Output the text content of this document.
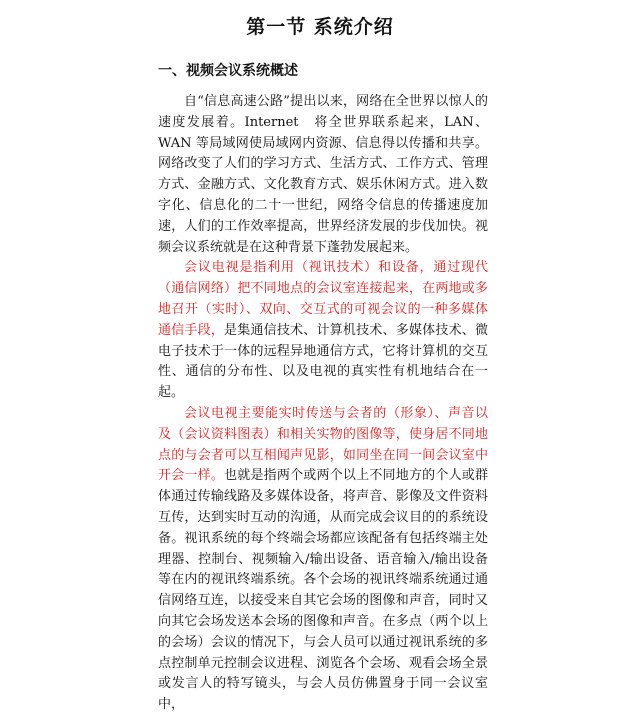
第一节 系统介绍
一、视频会议系统概述

自“信息高速公路”提出以来，网络在全世界以惊人的速度发展着。Internet　将全世界联系起来，LAN、WAN 等局域网使局域网内资源、信息得以传播和共享。网络改变了人们的学习方式、生活方式、工作方式、管理方式、金融方式、文化教育方式、娱乐休闲方式。进入数字化、信息化的二十一世纪，网络令信息的传播速度加速，人们的工作效率提高，世界经济发展的步伐加快。视频会议系统就是在这种背景下蓬勃发展起来。

会议电视是指利用（视讯技术）和设备，通过现代（通信网络）把不同地点的会议室连接起来，在两地或多地召开（实时）、双向、交互式的可视会议的一种多媒体通信手段，是集通信技术、计算机技术、多媒体技术、微电子技术于一体的远程异地通信方式，它将计算机的交互性、通信的分布性、以及电视的真实性有机地结合在一起。

会议电视主要能实时传送与会者的（形象）、声音以及（会议资料图表）和相关实物的图像等，使身居不同地点的与会者可以互相闻声见影，如同坐在同一间会议室中开会一样。也就是指两个或两个以上不同地方的个人或群体通过传输线路及多媒体设备，将声音、影像及文件资料互传，达到实时互动的沟通，从而完成会议目的的系统设备。视讯系统的每个终端会场都应该配备有包括终端主处理器、控制台、视频输入/输出设备、语音输入/输出设备等在内的视讯终端系统。各个会场的视讯终端系统通过通信网络互连，以接受来自其它会场的图像和声音，同时又向其它会场发送本会场的图像和声音。在多点（两个以上的会场）会议的情况下，与会人员可以通过视讯系统的多点控制单元控制会议进程、浏览各个会场、观看会场全景或发言人的特写镜头，与会人员仿佛置身于同一会议室中，
